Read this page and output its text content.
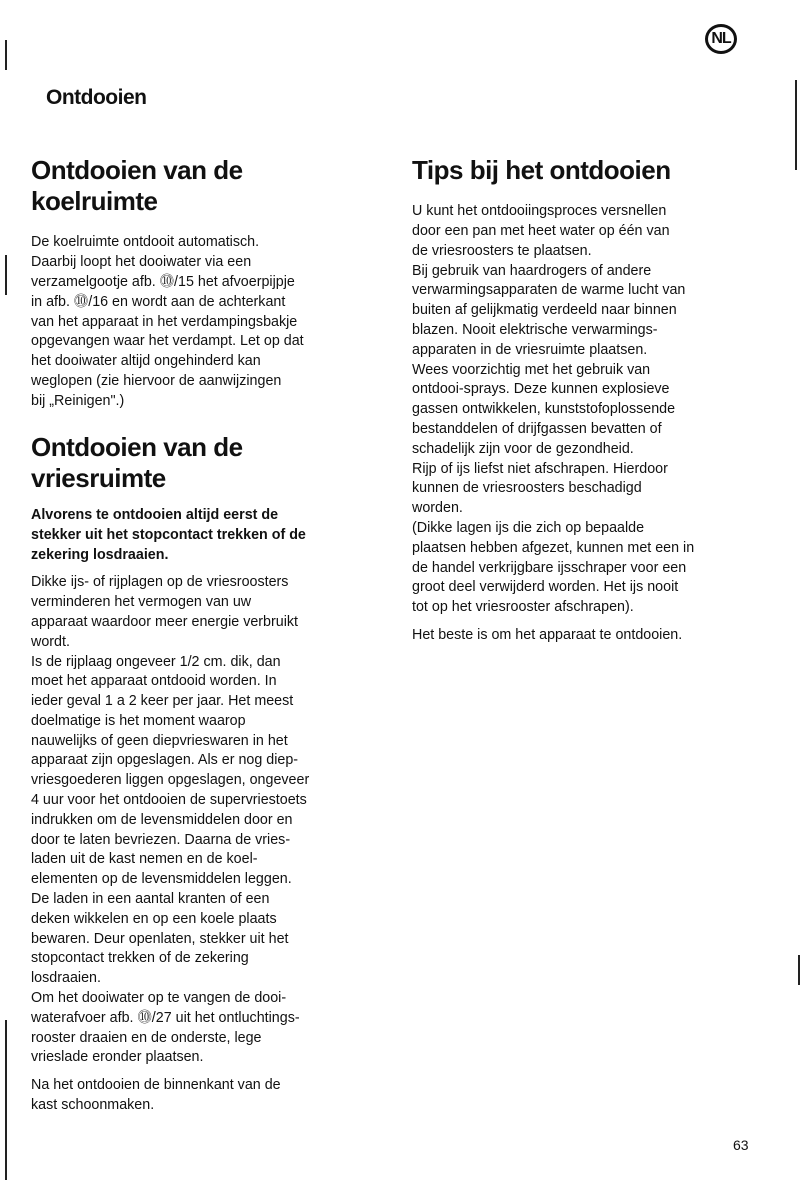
NL
Ontdooien
Ontdooien van de koelruimte

De koelruimte ontdooit automatisch.
Daarbij loopt het dooiwater via een
verzamelgootje afb. ⓾/15 het afvoerpijpje
in afb. ⓾/16 en wordt aan de achterkant
van het apparaat in het verdampingsbakje
opgevangen waar het verdampt. Let op dat
het dooiwater altijd ongehinderd kan
weglopen (zie hiervoor de aanwijzingen
bij „Reinigen".)

Ontdooien van de vriesruimte

Alvorens te ontdooien altijd eerst de
stekker uit het stopcontact trekken of de
zekering losdraaien.

Dikke ijs- of rijplagen op de vriesroosters
verminderen het vermogen van uw
apparaat waardoor meer energie verbruikt
wordt.
Is de rijplaag ongeveer 1/2 cm. dik, dan
moet het apparaat ontdooid worden. In
ieder geval 1 a 2 keer per jaar. Het meest
doelmatige is het moment waarop
nauwelijks of geen diepvrieswaren in het
apparaat zijn opgeslagen. Als er nog diep-
vriesgoederen liggen opgeslagen, ongeveer
4 uur voor het ontdooien de supervriestoets
indrukken om de levensmiddelen door en
door te laten bevriezen. Daarna de vries-
laden uit de kast nemen en de koel-
elementen op de levensmiddelen leggen.
De laden in een aantal kranten of een
deken wikkelen en op een koele plaats
bewaren. Deur openlaten, stekker uit het
stopcontact trekken of de zekering
losdraaien.
Om het dooiwater op te vangen de dooi-
waterafvoer afb. ⓾/27 uit het ontluchtings-
rooster draaien en de onderste, lege
vrieslade eronder plaatsen.

Na het ontdooien de binnenkant van de
kast schoonmaken.

Tips bij het ontdooien

U kunt het ontdooiingsproces versnellen
door een pan met heet water op één van
de vriesroosters te plaatsen.
Bij gebruik van haardrogers of andere
verwarmingsapparaten de warme lucht van
buiten af gelijkmatig verdeeld naar binnen
blazen. Nooit elektrische verwarmings-
apparaten in de vriesruimte plaatsen.
Wees voorzichtig met het gebruik van
ontdooi-sprays. Deze kunnen explosieve
gassen ontwikkelen, kunststofoplossende
bestanddelen of drijfgassen bevatten of
schadelijk zijn voor de gezondheid.
Rijp of ijs liefst niet afschrapen. Hierdoor
kunnen de vriesroosters beschadigd
worden.
(Dikke lagen ijs die zich op bepaalde
plaatsen hebben afgezet, kunnen met een in
de handel verkrijgbare ijsschraper voor een
groot deel verwijderd worden. Het ijs nooit
tot op het vriesrooster afschrapen).

Het beste is om het apparaat te ontdooien.

63
